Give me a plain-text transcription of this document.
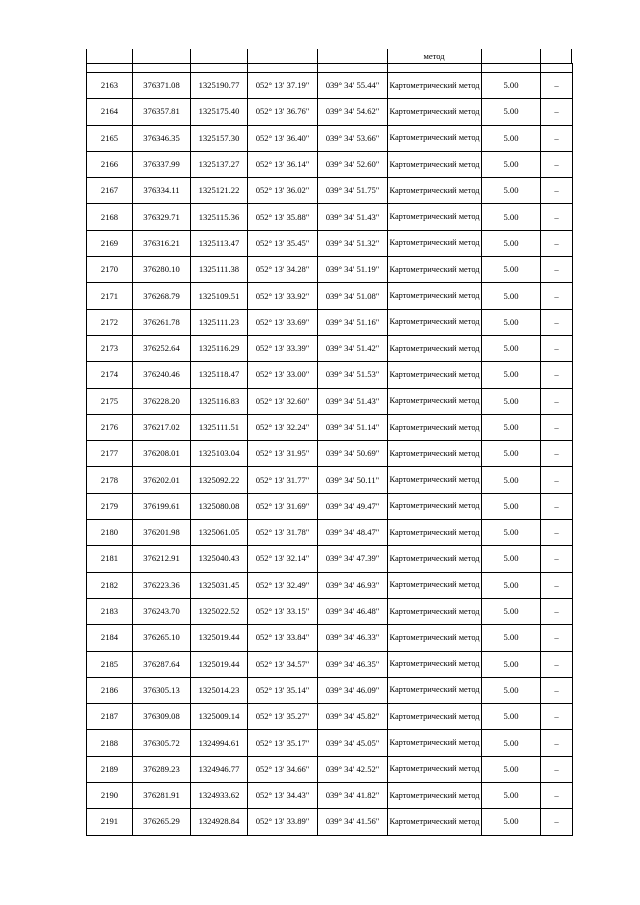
метод

2163	376371.08	1325190.77	052° 13' 37.19"	039° 34' 55.44"	Картометрический метод	5.00	–
2164	376357.81	1325175.40	052° 13' 36.76"	039° 34' 54.62"	Картометрический метод	5.00	–
2165	376346.35	1325157.30	052° 13' 36.40"	039° 34' 53.66"	Картометрический метод	5.00	–
2166	376337.99	1325137.27	052° 13' 36.14"	039° 34' 52.60"	Картометрический метод	5.00	–
2167	376334.11	1325121.22	052° 13' 36.02"	039° 34' 51.75"	Картометрический метод	5.00	–
2168	376329.71	1325115.36	052° 13' 35.88"	039° 34' 51.43"	Картометрический метод	5.00	–
2169	376316.21	1325113.47	052° 13' 35.45"	039° 34' 51.32"	Картометрический метод	5.00	–
2170	376280.10	1325111.38	052° 13' 34.28"	039° 34' 51.19"	Картометрический метод	5.00	–
2171	376268.79	1325109.51	052° 13' 33.92"	039° 34' 51.08"	Картометрический метод	5.00	–
2172	376261.78	1325111.23	052° 13' 33.69"	039° 34' 51.16"	Картометрический метод	5.00	–
2173	376252.64	1325116.29	052° 13' 33.39"	039° 34' 51.42"	Картометрический метод	5.00	–
2174	376240.46	1325118.47	052° 13' 33.00"	039° 34' 51.53"	Картометрический метод	5.00	–
2175	376228.20	1325116.83	052° 13' 32.60"	039° 34' 51.43"	Картометрический метод	5.00	–
2176	376217.02	1325111.51	052° 13' 32.24"	039° 34' 51.14"	Картометрический метод	5.00	–
2177	376208.01	1325103.04	052° 13' 31.95"	039° 34' 50.69"	Картометрический метод	5.00	–
2178	376202.01	1325092.22	052° 13' 31.77"	039° 34' 50.11"	Картометрический метод	5.00	–
2179	376199.61	1325080.08	052° 13' 31.69"	039° 34' 49.47"	Картометрический метод	5.00	–
2180	376201.98	1325061.05	052° 13' 31.78"	039° 34' 48.47"	Картометрический метод	5.00	–
2181	376212.91	1325040.43	052° 13' 32.14"	039° 34' 47.39"	Картометрический метод	5.00	–
2182	376223.36	1325031.45	052° 13' 32.49"	039° 34' 46.93"	Картометрический метод	5.00	–
2183	376243.70	1325022.52	052° 13' 33.15"	039° 34' 46.48"	Картометрический метод	5.00	–
2184	376265.10	1325019.44	052° 13' 33.84"	039° 34' 46.33"	Картометрический метод	5.00	–
2185	376287.64	1325019.44	052° 13' 34.57"	039° 34' 46.35"	Картометрический метод	5.00	–
2186	376305.13	1325014.23	052° 13' 35.14"	039° 34' 46.09"	Картометрический метод	5.00	–
2187	376309.08	1325009.14	052° 13' 35.27"	039° 34' 45.82"	Картометрический метод	5.00	–
2188	376305.72	1324994.61	052° 13' 35.17"	039° 34' 45.05"	Картометрический метод	5.00	–
2189	376289.23	1324946.77	052° 13' 34.66"	039° 34' 42.52"	Картометрический метод	5.00	–
2190	376281.91	1324933.62	052° 13' 34.43"	039° 34' 41.82"	Картометрический метод	5.00	–
2191	376265.29	1324928.84	052° 13' 33.89"	039° 34' 41.56"	Картометрический метод	5.00	–
